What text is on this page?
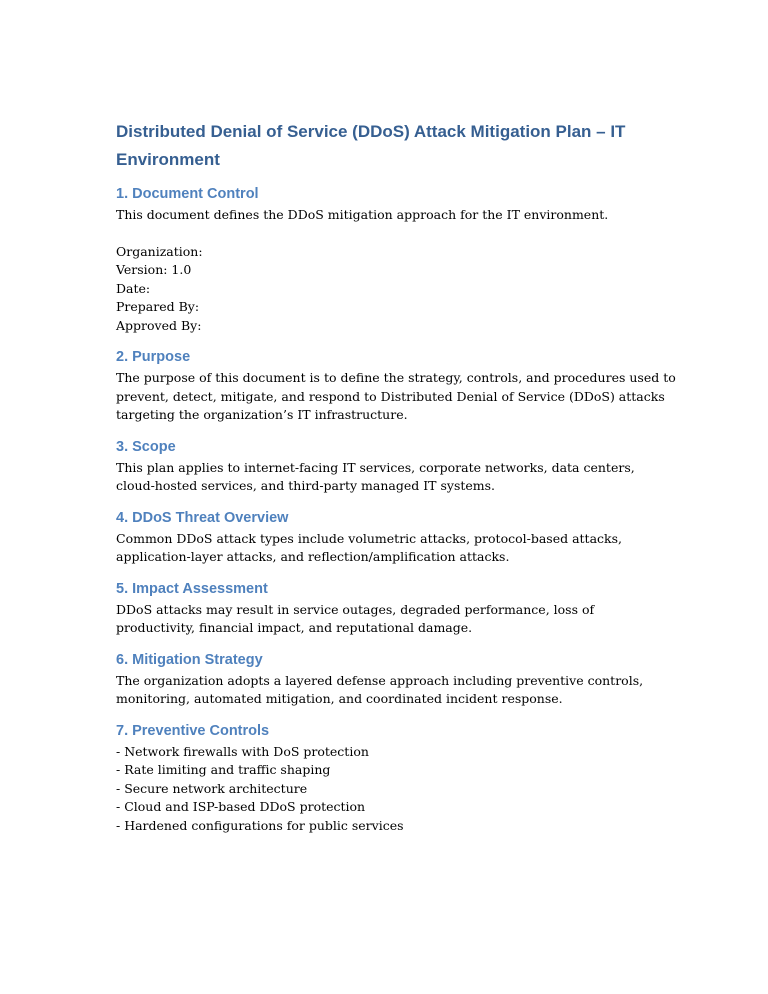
Distributed Denial of Service (DDoS) Attack Mitigation Plan – IT Environment
1. Document Control

This document defines the DDoS mitigation approach for the IT environment.

Organization:

Version: 1.0

Date:

Prepared By:

Approved By:

2. Purpose

The purpose of this document is to define the strategy, controls, and procedures used to prevent, detect, mitigate, and respond to Distributed Denial of Service (DDoS) attacks targeting the organization’s IT infrastructure.

3. Scope

This plan applies to internet-facing IT services, corporate networks, data centers, cloud-hosted services, and third-party managed IT systems.

4. DDoS Threat Overview

Common DDoS attack types include volumetric attacks, protocol-based attacks, application-layer attacks, and reflection/amplification attacks.

5. Impact Assessment

DDoS attacks may result in service outages, degraded performance, loss of productivity, financial impact, and reputational damage.

6. Mitigation Strategy

The organization adopts a layered defense approach including preventive controls, monitoring, automated mitigation, and coordinated incident response.

7. Preventive Controls

- Network firewalls with DoS protection

- Rate limiting and traffic shaping

- Secure network architecture

- Cloud and ISP-based DDoS protection

- Hardened configurations for public services
